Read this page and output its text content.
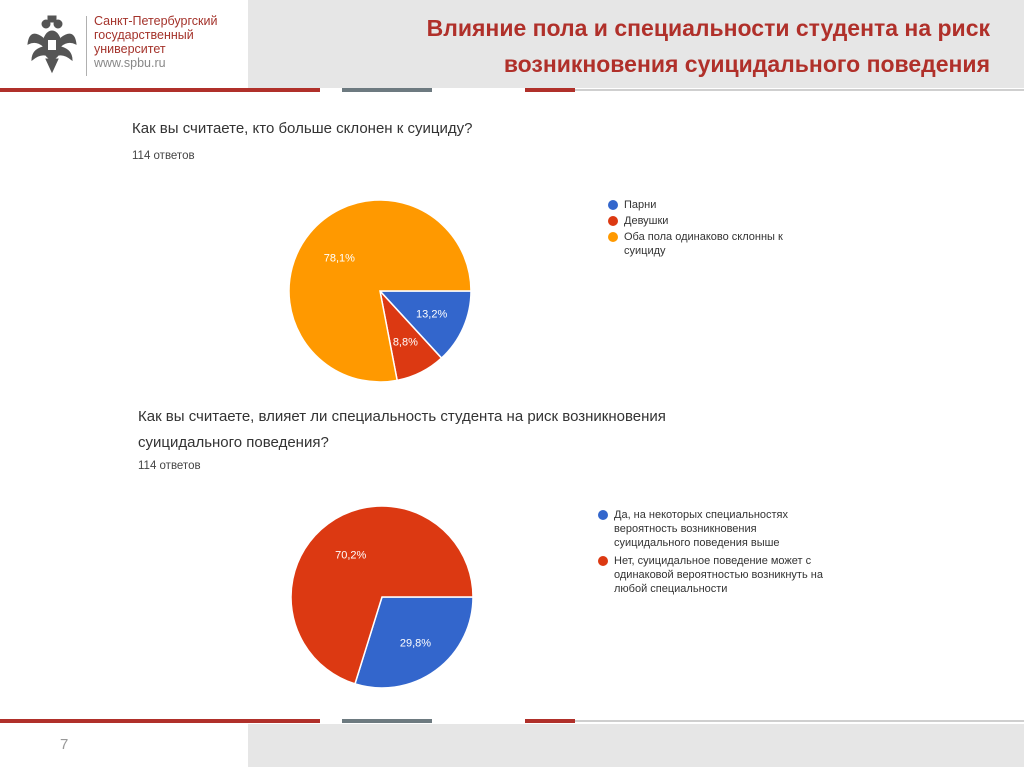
Санкт-Петербургский
государственный
университет
www.spbu.ru
Влияние пола и специальности студента на риск
возникновения суицидального поведения
Как вы считаете, кто больше склонен к суициду?
114 ответов
13,2%
8,8%
78,1%
Парни
Девушки
Оба пола одинаково склонны к суициду
Как вы считаете, влияет ли специальность студента на риск возникновения
суицидального поведения?
114 ответов
29,8%
70,2%
Да, на некоторых специальностях вероятность возникновения суицидального поведения выше
Нет, суицидальное поведение может с одинаковой вероятностью возникнуть на любой специальности
7
